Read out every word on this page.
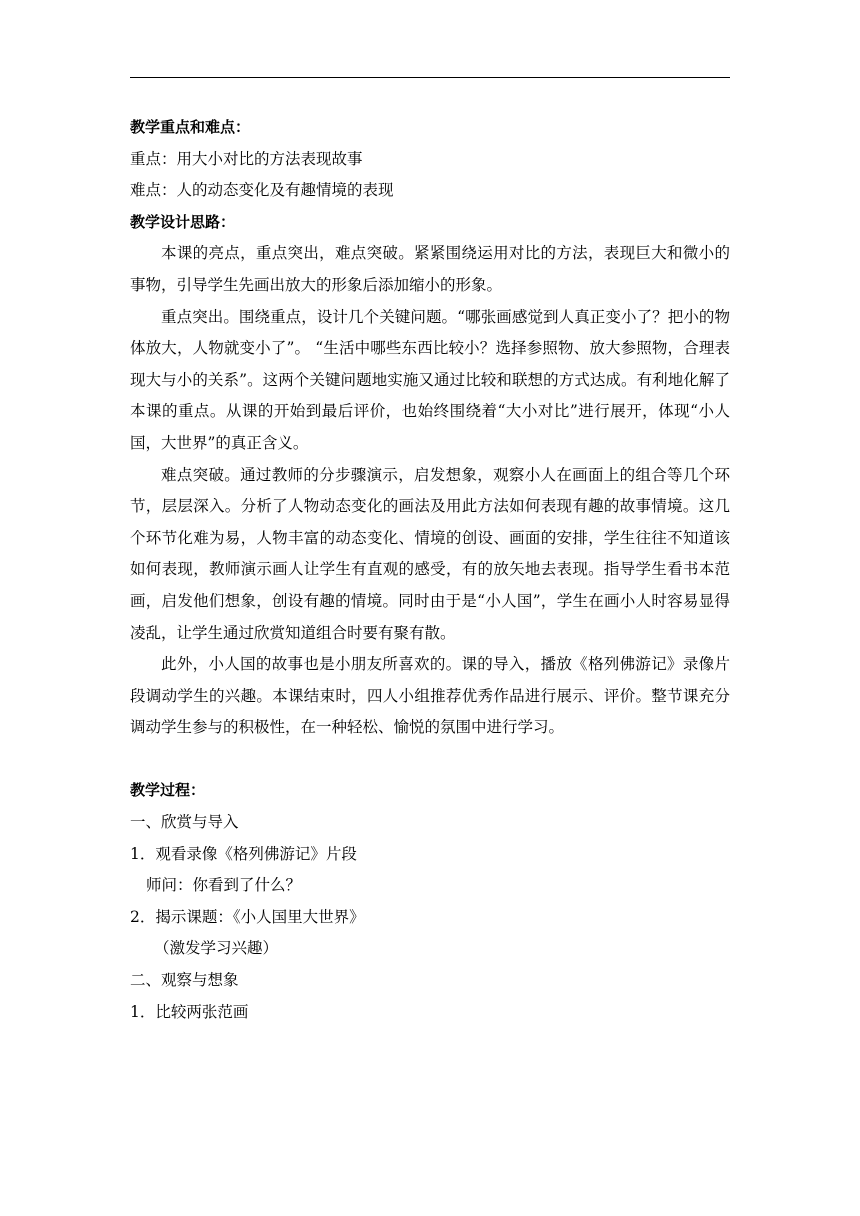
教学重点和难点：
重点：用大小对比的方法表现故事
难点：人的动态变化及有趣情境的表现
教学设计思路：

本课的亮点，重点突出，难点突破。紧紧围绕运用对比的方法，表现巨大和微小的事物，引导学生先画出放大的形象后添加缩小的形象。

重点突出。围绕重点，设计几个关键问题。“哪张画感觉到人真正变小了？把小的物体放大，人物就变小了”。 “生活中哪些东西比较小？选择参照物、放大参照物，合理表现大与小的关系”。这两个关键问题地实施又通过比较和联想的方式达成。有利地化解了本课的重点。从课的开始到最后评价，也始终围绕着“大小对比”进行展开，体现“小人国，大世界”的真正含义。

难点突破。通过教师的分步骤演示，启发想象，观察小人在画面上的组合等几个环节，层层深入。分析了人物动态变化的画法及用此方法如何表现有趣的故事情境。这几个环节化难为易，人物丰富的动态变化、情境的创设、画面的安排，学生往往不知道该如何表现，教师演示画人让学生有直观的感受，有的放矢地去表现。指导学生看书本范画，启发他们想象，创设有趣的情境。同时由于是“小人国”，学生在画小人时容易显得凌乱，让学生通过欣赏知道组合时要有聚有散。

此外，小人国的故事也是小朋友所喜欢的。课的导入，播放《格列佛游记》录像片段调动学生的兴趣。本课结束时，四人小组推荐优秀作品进行展示、评价。整节课充分调动学生参与的积极性，在一种轻松、愉悦的氛围中进行学习。

教学过程：
一、欣赏与导入
1．观看录像《格列佛游记》片段
师问：你看到了什么？
2．揭示课题：《小人国里大世界》
（激发学习兴趣）
二、观察与想象
1．比较两张范画
